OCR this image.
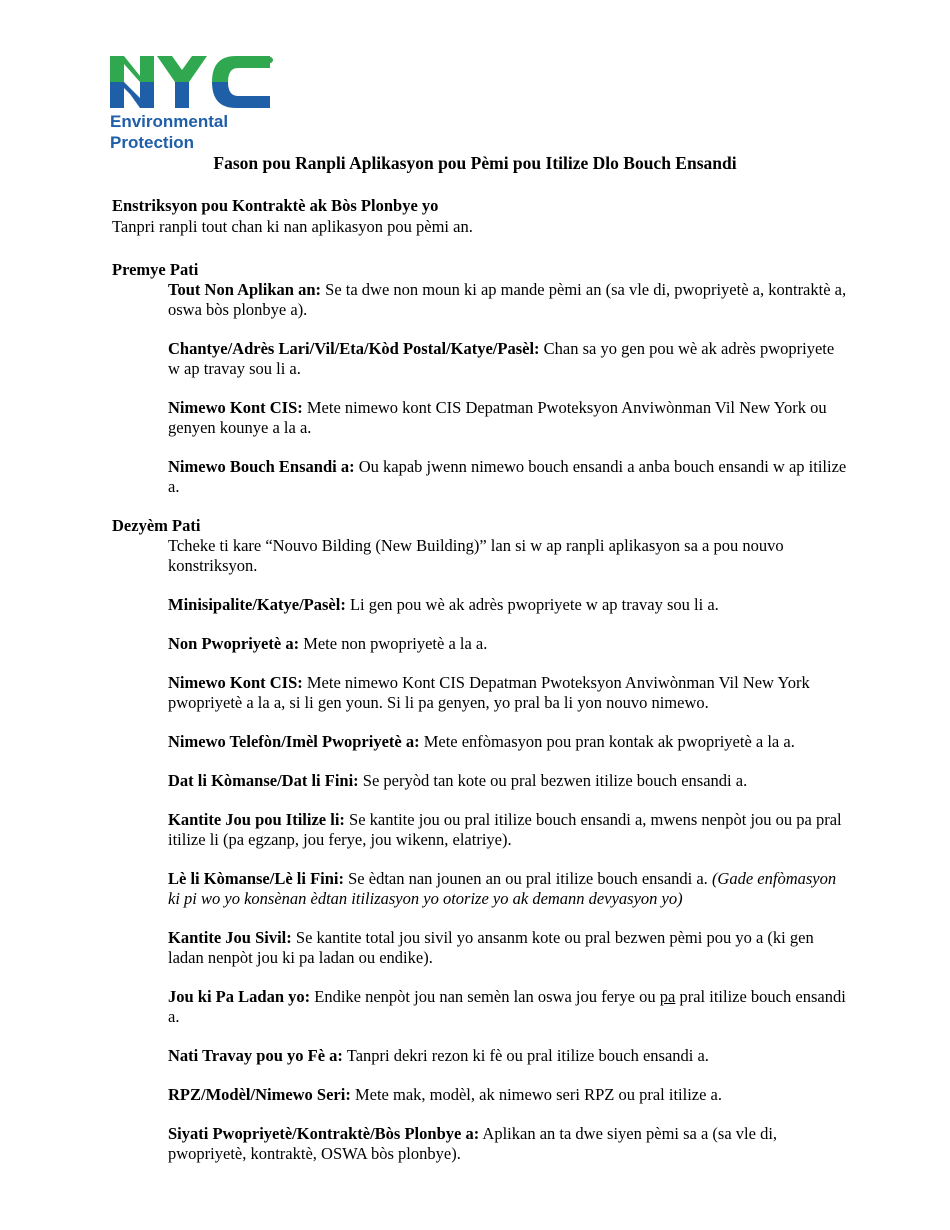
Environmental
Protection
Fason pou Ranpli Aplikasyon pou Pèmi pou Itilize Dlo Bouch Ensandi
Enstriksyon pou Kontraktè ak Bòs Plonbye yo
Tanpri ranpli tout chan ki nan aplikasyon pou pèmi an.
Premye Pati
Tout Non Aplikan an: Se ta dwe non moun ki ap mande pèmi an (sa vle di, pwopriyetè a, kontraktè a, oswa bòs plonbye a).
Chantye/Adrès Lari/Vil/Eta/Kòd Postal/Katye/Pasèl: Chan sa yo gen pou wè ak adrès pwopriyete w ap travay sou li a.
Nimewo Kont CIS: Mete nimewo kont CIS Depatman Pwoteksyon Anviwònman Vil New York ou genyen kounye a la a.
Nimewo Bouch Ensandi a: Ou kapab jwenn nimewo bouch ensandi a anba bouch ensandi w ap itilize a.
Dezyèm Pati
Tcheke ti kare “Nouvo Bilding (New Building)” lan si w ap ranpli aplikasyon sa a pou nouvo konstriksyon.
Minisipalite/Katye/Pasèl: Li gen pou wè ak adrès pwopriyete w ap travay sou li a.
Non Pwopriyetè a: Mete non pwopriyetè a la a.
Nimewo Kont CIS: Mete nimewo Kont CIS Depatman Pwoteksyon Anviwònman Vil New York pwopriyetè a la a, si li gen youn. Si li pa genyen, yo pral ba li yon nouvo nimewo.
Nimewo Telefòn/Imèl Pwopriyetè a: Mete enfòmasyon pou pran kontak ak pwopriyetè a la a.
Dat li Kòmanse/Dat li Fini: Se peryòd tan kote ou pral bezwen itilize bouch ensandi a.
Kantite Jou pou Itilize li: Se kantite jou ou pral itilize bouch ensandi a, mwens nenpòt jou ou pa pral itilize li (pa egzanp, jou ferye, jou wikenn, elatriye).
Lè li Kòmanse/Lè li Fini: Se èdtan nan jounen an ou pral itilize bouch ensandi a. (Gade enfòmasyon ki pi wo yo konsènan èdtan itilizasyon yo otorize yo ak demann devyasyon yo)
Kantite Jou Sivil: Se kantite total jou sivil yo ansanm kote ou pral bezwen pèmi pou yo a (ki gen ladan nenpòt jou ki pa ladan ou endike).
Jou ki Pa Ladan yo: Endike nenpòt jou nan semèn lan oswa jou ferye ou pa pral itilize bouch ensandi a.
Nati Travay pou yo Fè a: Tanpri dekri rezon ki fè ou pral itilize bouch ensandi a.
RPZ/Modèl/Nimewo Seri: Mete mak, modèl, ak nimewo seri RPZ ou pral itilize a.
Siyati Pwopriyetè/Kontraktè/Bòs Plonbye a: Aplikan an ta dwe siyen pèmi sa a (sa vle di, pwopriyetè, kontraktè, OSWA bòs plonbye).
